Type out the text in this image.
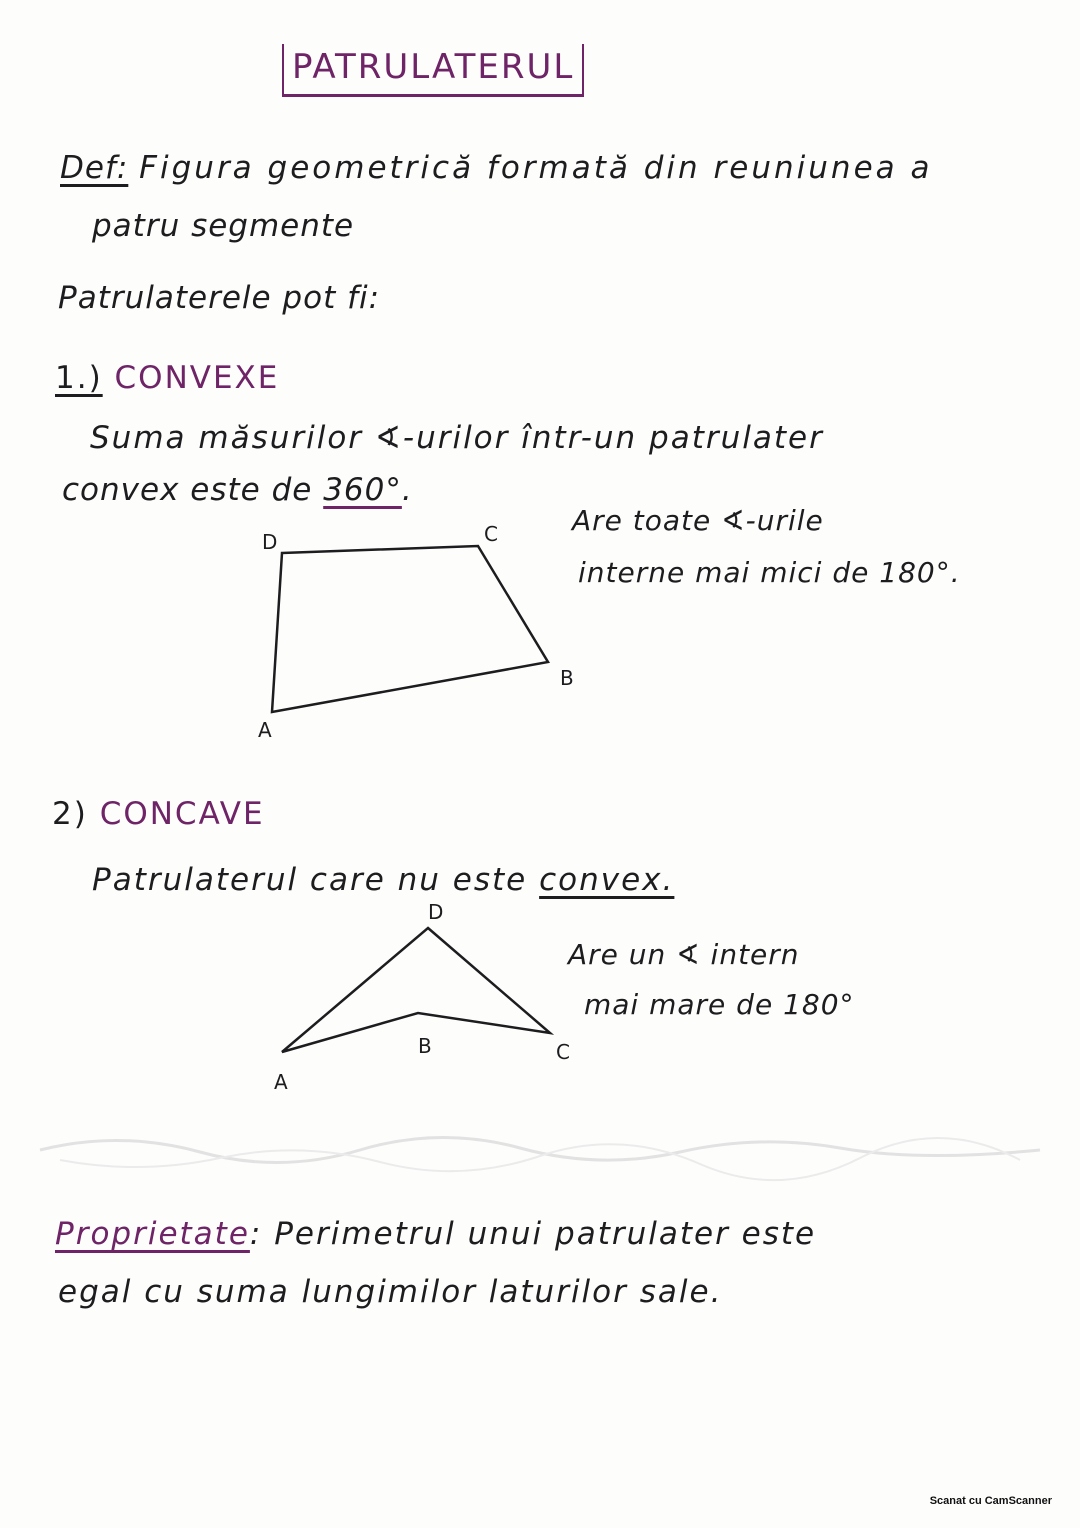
PATRULATERUL
Def: Figura geometrică formată din reuniunea a
patru segmente
Patrulaterele pot fi:
1.) CONVEXE
Suma măsurilor ∢-urilor într-un patrulater
convex este de 360°.
Are toate ∢-urile
interne mai mici de 180°.
D	C
B
A
2) CONCAVE
Patrulaterul care nu este convex.
Are un ∢ intern
mai mare de 180°
D
B	C
A
Proprietate: Perimetrul unui patrulater este
egal cu suma lungimilor laturilor sale.
Scanat cu CamScanner
